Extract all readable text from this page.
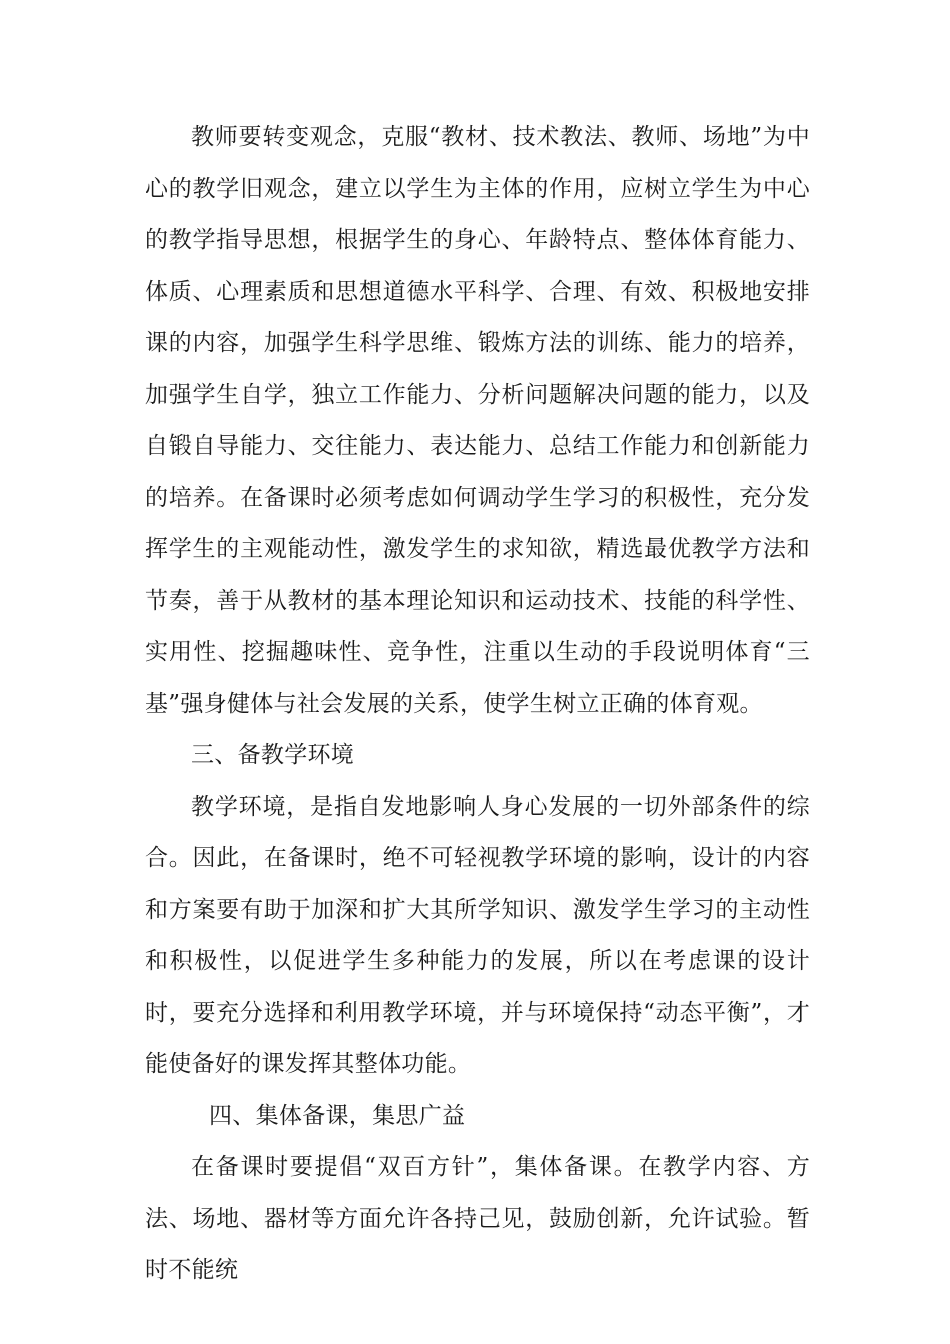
教师要转变观念，克服“教材、技术教法、教师、场地”为中心的教学旧观念，建立以学生为主体的作用，应树立学生为中心的教学指导思想，根据学生的身心、年龄特点、整体体育能力、体质、心理素质和思想道德水平科学、合理、有效、积极地安排课的内容，加强学生科学思维、锻炼方法的训练、能力的培养，加强学生自学，独立工作能力、分析问题解决问题的能力，以及自锻自导能力、交往能力、表达能力、总结工作能力和创新能力的培养。在备课时必须考虑如何调动学生学习的积极性，充分发挥学生的主观能动性，激发学生的求知欲，精选最优教学方法和节奏，善于从教材的基本理论知识和运动技术、技能的科学性、实用性、挖掘趣味性、竞争性，注重以生动的手段说明体育“三基”强身健体与社会发展的关系，使学生树立正确的体育观。

三、备教学环境

教学环境，是指自发地影响人身心发展的一切外部条件的综合。因此，在备课时，绝不可轻视教学环境的影响，设计的内容和方案要有助于加深和扩大其所学知识、激发学生学习的主动性和积极性，以促进学生多种能力的发展，所以在考虑课的设计时，要充分选择和利用教学环境，并与环境保持“动态平衡”，才能使备好的课发挥其整体功能。

四、集体备课，集思广益

在备课时要提倡“双百方针”，集体备课。在教学内容、方法、场地、器材等方面允许各持己见，鼓励创新，允许试验。暂时不能统
